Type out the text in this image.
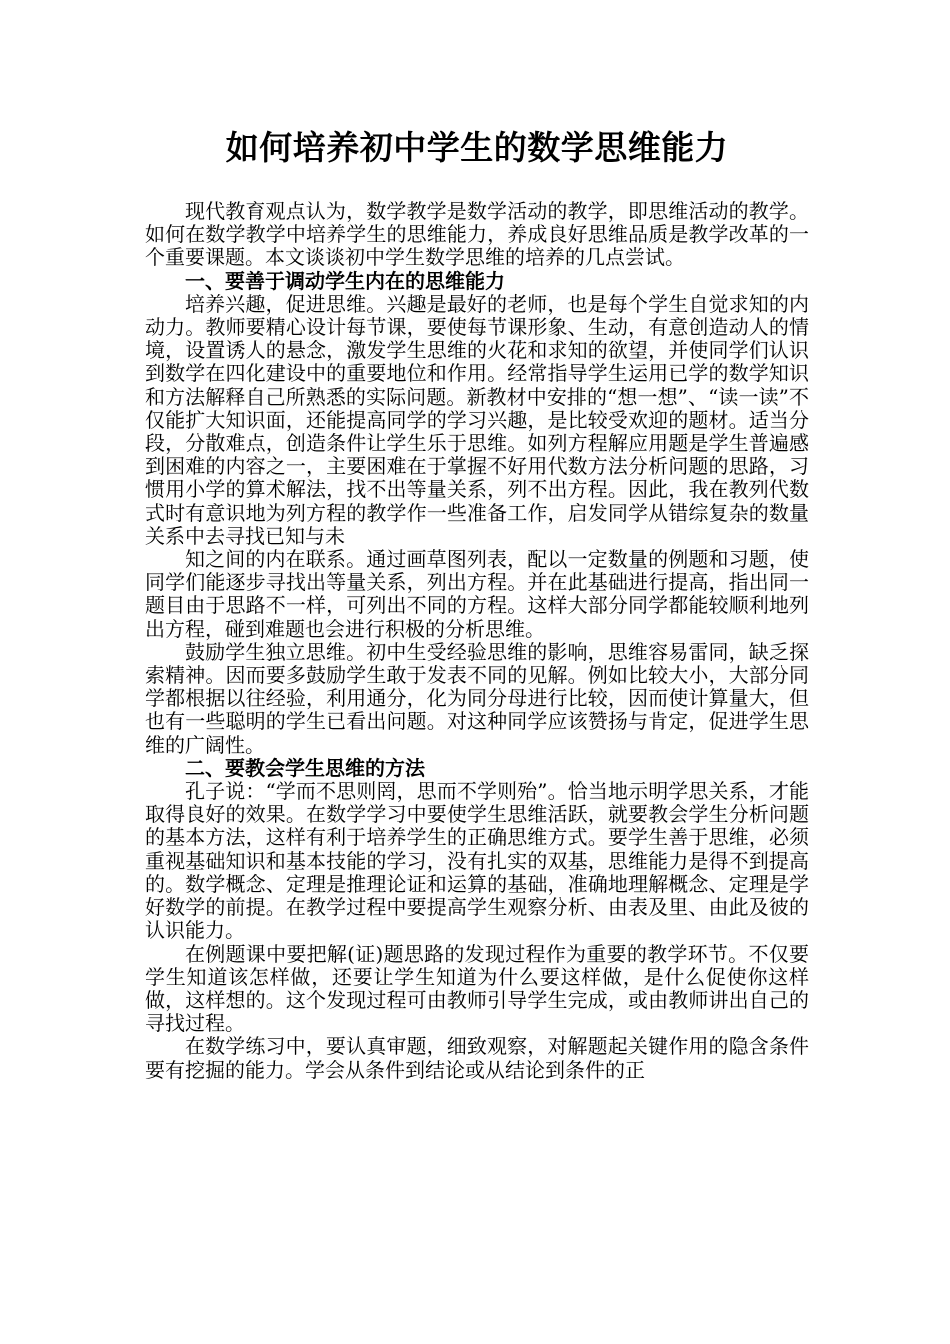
如何培养初中学生的数学思维能力

现代教育观点认为，数学教学是数学活动的教学，即思维活动的教学。如何在数学教学中培养学生的思维能力，养成良好思维品质是教学改革的一个重要课题。本文谈谈初中学生数学思维的培养的几点尝试。

一、要善于调动学生内在的思维能力

培养兴趣，促进思维。兴趣是最好的老师，也是每个学生自觉求知的内动力。教师要精心设计每节课，要使每节课形象、生动，有意创造动人的情境，设置诱人的悬念，激发学生思维的火花和求知的欲望，并使同学们认识到数学在四化建设中的重要地位和作用。经常指导学生运用已学的数学知识和方法解释自己所熟悉的实际问题。新教材中安排的“想一想”、“读一读”不仅能扩大知识面，还能提高同学的学习兴趣，是比较受欢迎的题材。适当分段，分散难点，创造条件让学生乐于思维。如列方程解应用题是学生普遍感到困难的内容之一，主要困难在于掌握不好用代数方法分析问题的思路，习惯用小学的算术解法，找不出等量关系，列不出方程。因此，我在教列代数式时有意识地为列方程的教学作一些准备工作，启发同学从错综复杂的数量关系中去寻找已知与未

知之间的内在联系。通过画草图列表，配以一定数量的例题和习题，使同学们能逐步寻找出等量关系，列出方程。并在此基础进行提高，指出同一题目由于思路不一样，可列出不同的方程。这样大部分同学都能较顺利地列出方程，碰到难题也会进行积极的分析思维。

鼓励学生独立思维。初中生受经验思维的影响，思维容易雷同，缺乏探索精神。因而要多鼓励学生敢于发表不同的见解。例如比较大小，大部分同学都根据以往经验，利用通分，化为同分母进行比较，因而使计算量大，但也有一些聪明的学生已看出问题。对这种同学应该赞扬与肯定，促进学生思维的广阔性。

二、要教会学生思维的方法

孔子说：“学而不思则罔，思而不学则殆”。恰当地示明学思关系，才能取得良好的效果。在数学学习中要使学生思维活跃，就要教会学生分析问题的基本方法，这样有利于培养学生的正确思维方式。要学生善于思维，必须重视基础知识和基本技能的学习，没有扎实的双基，思维能力是得不到提高的。数学概念、定理是推理论证和运算的基础，准确地理解概念、定理是学好数学的前提。在教学过程中要提高学生观察分析、由表及里、由此及彼的认识能力。

在例题课中要把解(证)题思路的发现过程作为重要的教学环节。不仅要学生知道该怎样做，还要让学生知道为什么要这样做，是什么促使你这样做，这样想的。这个发现过程可由教师引导学生完成，或由教师讲出自己的寻找过程。

在数学练习中，要认真审题，细致观察，对解题起关键作用的隐含条件要有挖掘的能力。学会从条件到结论或从结论到条件的正
